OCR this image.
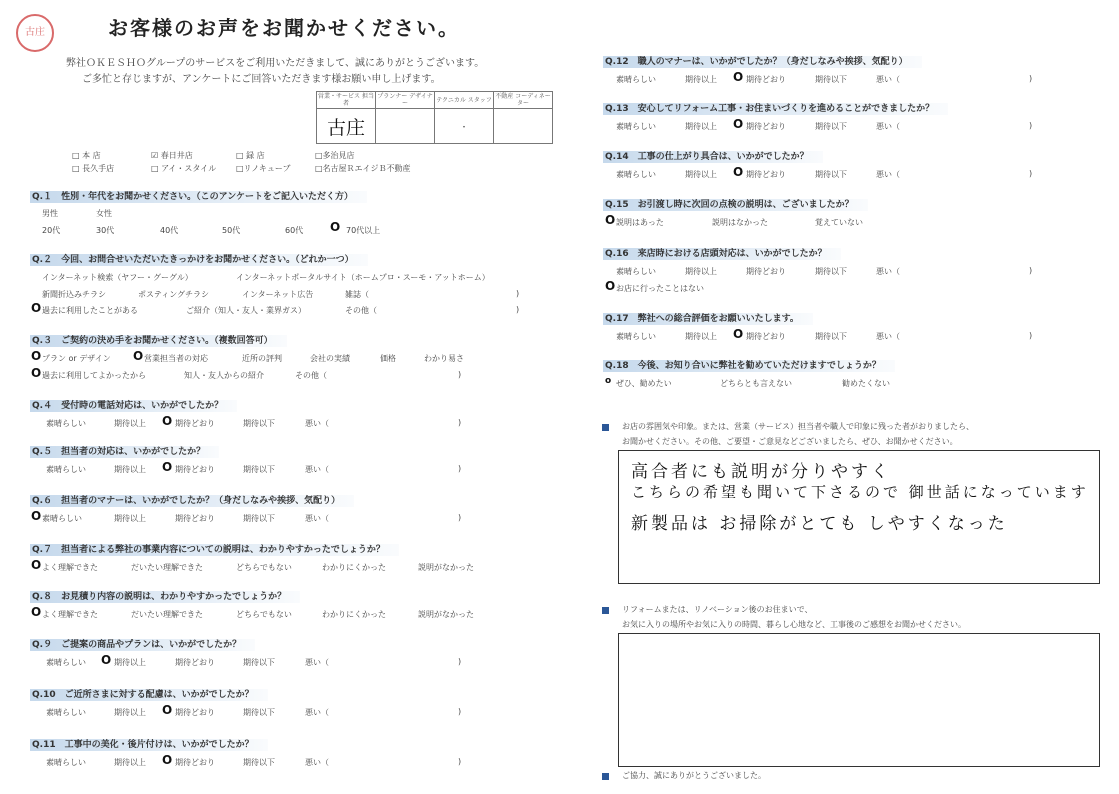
古庄	お客様のお声をお聞かせください。
弊社ＯＫＥＳＨＯグループのサービスをご利用いただきまして、誠にありがとうございます。
ご多忙と存じますが、アンケートにご回答いただきます様お願い申し上げます。
営業・サービス 担当者	プランナー デザイナー	テクニカル スタッフ	不動産 コーディネーター
古庄		・	
□ 本 店	☑ 春日井店	□ 録 店	□多治見店
□ 長久手店	□ アイ・スタイル	□リノキューブ	□名古屋ＲエイジＢ不動産
Q.１　性別・年代をお聞かせください。（このアンケートをご記入いただく方）
男性	女性
20代	30代	40代	50代	60代	70代以上
O
Q.２　今回、お問合せいただいたきっかけをお聞かせください。（どれか一つ）
インターネット検索（ヤフー・グーグル）	インターネットポータルサイト（ホームプロ・スーモ・アットホーム）
新聞折込みチラシ	ポスティングチラシ	インターネット広告	雑誌（	)
過去に利用したことがある	ご紹介（知人・友人・業界ガス）	その他（	)
O
Q.３　ご契約の決め手をお聞かせください。（複数回答可）
プラン or デザイン	営業担当者の対応	近所の評判	会社の実績	価格	わかり易さ
過去に利用してよかったから	知人・友人からの紹介	その他（	)
O	O
O
Q.４　受付時の電話対応は、いかがでしたか？
素晴らしい	期待以上	期待どおり	期待以下	悪い（	)
O
Q.５　担当者の対応は、いかがでしたか？
素晴らしい	期待以上	期待どおり	期待以下	悪い（	)
O
Q.６　担当者のマナーは、いかがでしたか？（身だしなみや挨拶、気配り）
素晴らしい	期待以上	期待どおり	期待以下	悪い（	)
O
Q.７　担当者による弊社の事業内容についての説明は、わかりやすかったでしょうか？
よく理解できた	だいたい理解できた	どちらでもない	わかりにくかった	説明がなかった
O
Q.８　お見積り内容の説明は、わかりやすかったでしょうか？
よく理解できた	だいたい理解できた	どちらでもない	わかりにくかった	説明がなかった
O
Q.９　ご提案の商品やプランは、いかがでしたか？
素晴らしい	期待以上	期待どおり	期待以下	悪い（	)
O
Q.10　ご近所さまに対する配慮は、いかがでしたか？
素晴らしい	期待以上	期待どおり	期待以下	悪い（	)
O
Q.11　工事中の美化・後片付けは、いかがでしたか？
素晴らしい	期待以上	期待どおり	期待以下	悪い（	)
O
Q.12　職人のマナーは、いかがでしたか？（身だしなみや挨拶、気配り）
素晴らしい	期待以上	期待どおり	期待以下	悪い（	)
O
Q.13　安心してリフォーム工事・お住まいづくりを進めることができましたか？
素晴らしい	期待以上	期待どおり	期待以下	悪い（	)
O
Q.14　工事の仕上がり具合は、いかがでしたか？
素晴らしい	期待以上	期待どおり	期待以下	悪い（	)
O
Q.15　お引渡し時に次回の点検の説明は、ございましたか？
説明はあった	説明はなかった	覚えていない
O
Q.16　来店時における店頭対応は、いかがでしたか？
素晴らしい	期待以上	期待どおり	期待以下	悪い（	)
お店に行ったことはない
O
Q.17　弊社への総合評価をお願いいたします。
素晴らしい	期待以上	期待どおり	期待以下	悪い（	)
O
Q.18　今後、お知り合いに弊社を勧めていただけますでしょうか？
ぜひ、勧めたい	どちらとも言えない	勧めたくない
o
お店の雰囲気や印象。または、営業（サービス）担当者や職人で印象に残った者がおりましたら、
お聞かせください。その他、ご要望・ご意見などございましたら、ぜひ、お聞かせください。
高合者にも説明が分りやすく
こちらの希望も聞いて下さるので 御世話になっています
新製品は お掃除がとても しやすくなった
リフォームまたは、リノベーション後のお住まいで、
お気に入りの場所やお気に入りの時間、暮らし心地など、工事後のご感想をお聞かせください。
ご協力、誠にありがとうございました。
